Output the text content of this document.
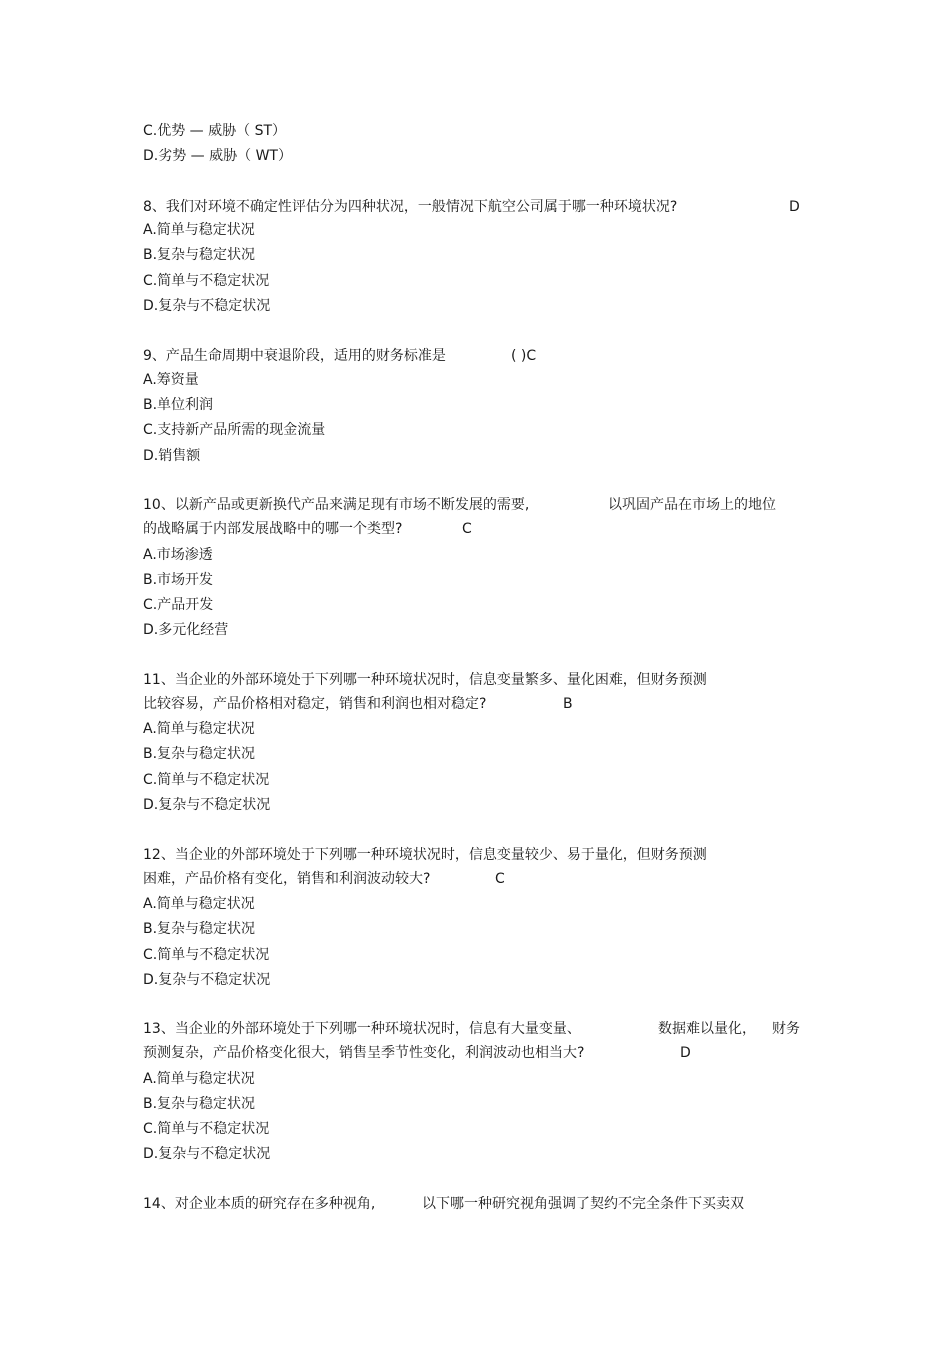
C.优势 — 威胁（ ST）
D.劣势 — 威胁（ WT）
8、我们对环境不确定性评估分为四种状况，一般情况下航空公司属于哪一种环境状况?	D
A.简单与稳定状况
B.复杂与稳定状况
C.简单与不稳定状况
D.复杂与不稳定状况
9、产品生命周期中衰退阶段，适用的财务标准是	( )C
A.筹资量
B.单位利润
C.支持新产品所需的现金流量
D.销售额
10、以新产品或更新换代产品来满足现有市场不断发展的需要,	以巩固产品在市场上的地位
的战略属于内部发展战略中的哪一个类型?	C
A.市场渗透
B.市场开发
C.产品开发
D.多元化经营
11、当企业的外部环境处于下列哪一种环境状况时，信息变量繁多、量化困难，但财务预测
比较容易，产品价格相对稳定，销售和利润也相对稳定?	B
A.简单与稳定状况
B.复杂与稳定状况
C.简单与不稳定状况
D.复杂与不稳定状况
12、当企业的外部环境处于下列哪一种环境状况时，信息变量较少、易于量化，但财务预测
困难，产品价格有变化，销售和利润波动较大?	C
A.简单与稳定状况
B.复杂与稳定状况
C.简单与不稳定状况
D.复杂与不稳定状况
13、当企业的外部环境处于下列哪一种环境状况时，信息有大量变量、	数据难以量化， 财务
预测复杂，产品价格变化很大，销售呈季节性变化，利润波动也相当大?	D
A.简单与稳定状况
B.复杂与稳定状况
C.简单与不稳定状况
D.复杂与不稳定状况
14、对企业本质的研究存在多种视角,	以下哪一种研究视角强调了契约不完全条件下买卖双
